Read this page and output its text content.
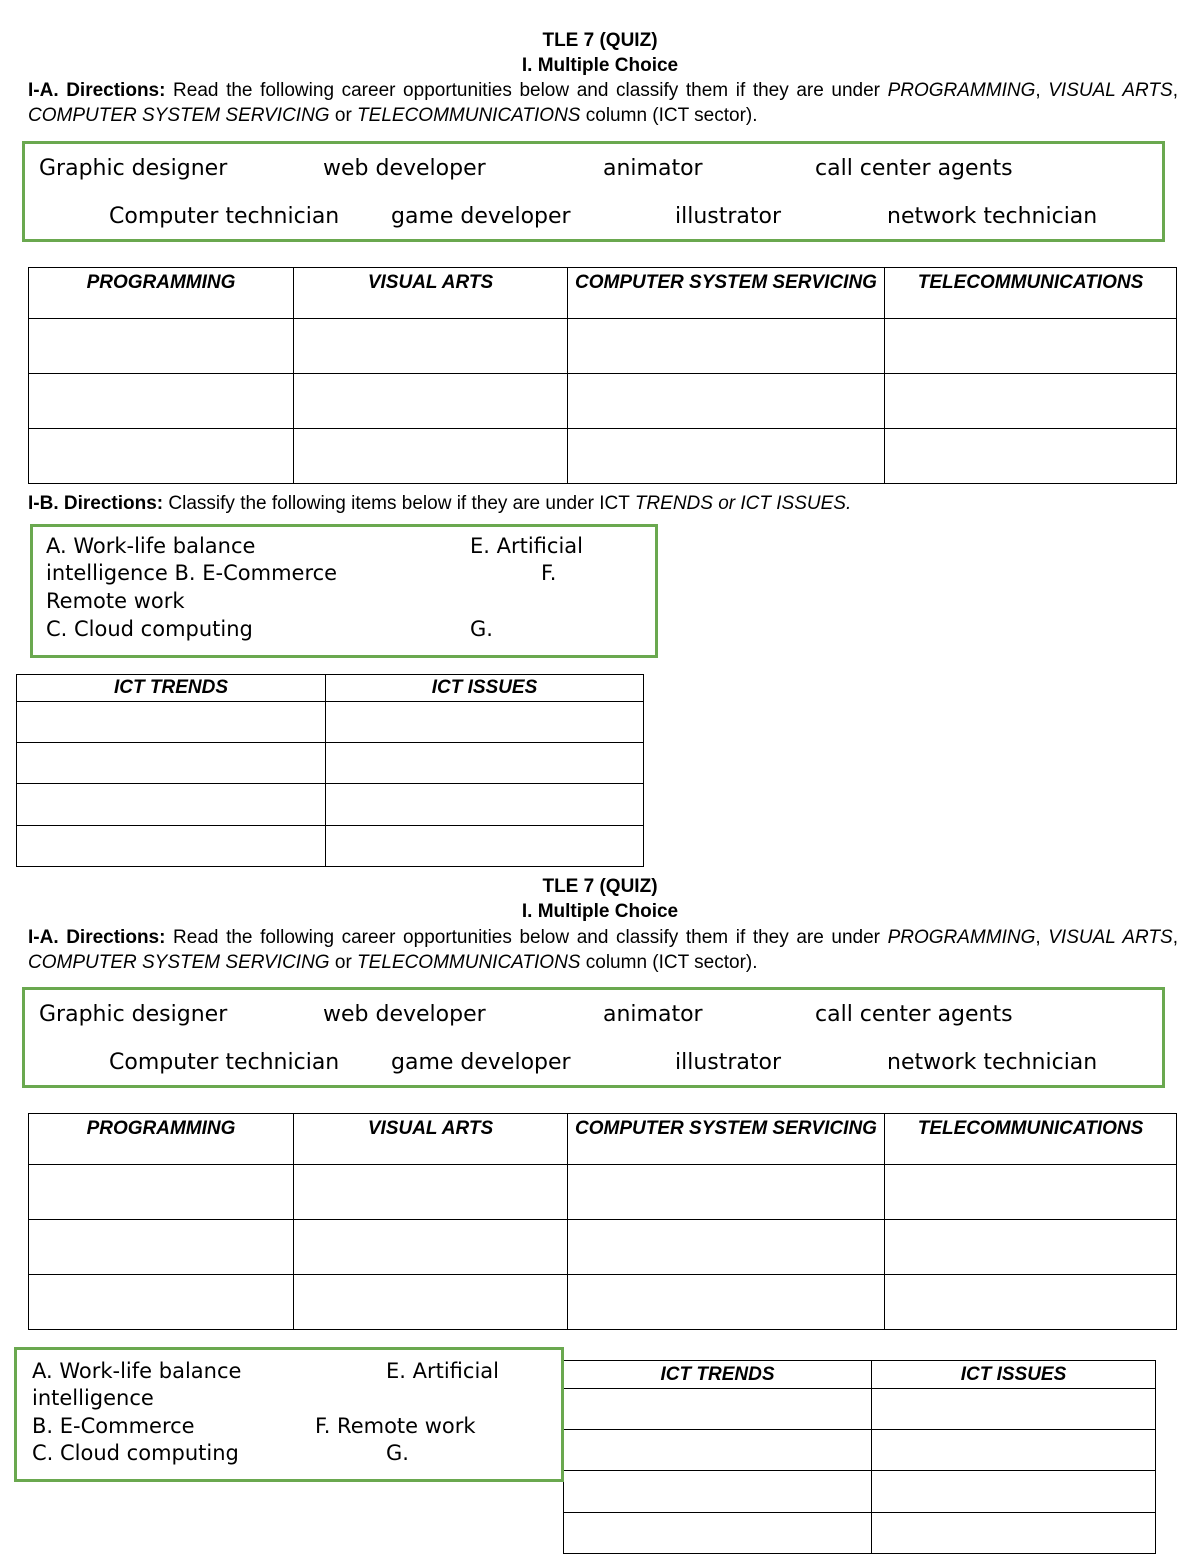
TLE 7 (QUIZ)
I. Multiple Choice
I-A. Directions: Read the following career opportunities below and classify them if they are under PROGRAMMING, VISUAL ARTS, COMPUTER SYSTEM SERVICING or TELECOMMUNICATIONS column (ICT sector).
Graphic designer	web developer	animator	call center agents
Computer technician game developer	illustrator	network technician
PROGRAMMING	VISUAL ARTS	COMPUTER SYSTEM SERVICING	TELECOMMUNICATIONS

I-B. Directions: Classify the following items below if they are under ICT TRENDS or ICT ISSUES.
A. Work-life balance	E. Artificial
intelligence B. E-Commerce	F.
Remote work
C. Cloud computing	G.
ICT TRENDS	ICT ISSUES

TLE 7 (QUIZ)
I. Multiple Choice
I-A. Directions: Read the following career opportunities below and classify them if they are under PROGRAMMING, VISUAL ARTS, COMPUTER SYSTEM SERVICING or TELECOMMUNICATIONS column (ICT sector).
Graphic designer	web developer	animator	call center agents
Computer technician game developer	illustrator	network technician
PROGRAMMING	VISUAL ARTS	COMPUTER SYSTEM SERVICING	TELECOMMUNICATIONS

ICT TRENDS	ICT ISSUES

A. Work-life balance	E. Artificial
intelligence
B. E-Commerce	F. Remote work
C. Cloud computing	G.
